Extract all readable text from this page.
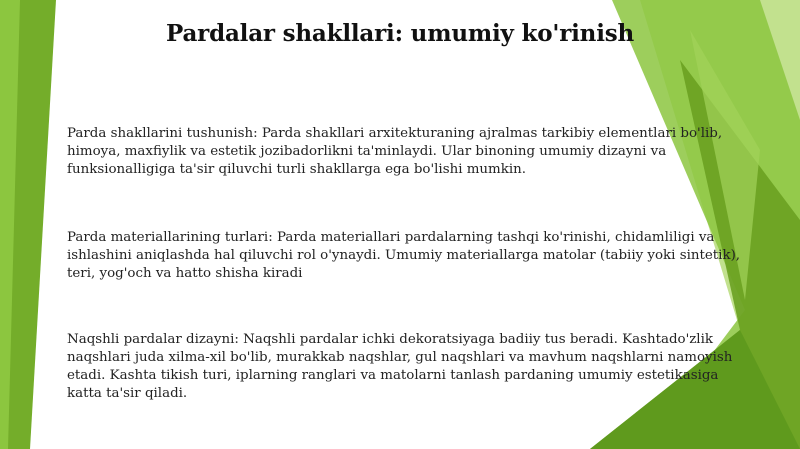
Pardalar shakllari: umumiy ko'rinish

Parda shakllarini tushunish: Parda shakllari arxitekturaning ajralmas tarkibiy elementlari bo'lib, himoya, maxfiylik va estetik jozibadorlikni ta'minlaydi. Ular binoning umumiy dizayni va funksionalligiga ta'sir qiluvchi turli shakllarga ega bo'lishi mumkin.

Parda materiallarining turlari: Parda materiallari pardalarning tashqi ko'rinishi, chidamliligi va ishlashini aniqlashda hal qiluvchi rol o'ynaydi. Umumiy materiallarga matolar (tabiiy yoki sintetik), teri, yog'och va hatto shisha kiradi

Naqshli pardalar dizayni: Naqshli pardalar ichki dekoratsiyaga badiiy tus beradi. Kashtado'zlik naqshlari juda xilma-xil bo'lib, murakkab naqshlar, gul naqshlari va mavhum naqshlarni namoyish etadi. Kashta tikish turi, iplarning ranglari va matolarni tanlash pardaning umumiy estetikasiga katta ta'sir qiladi.
